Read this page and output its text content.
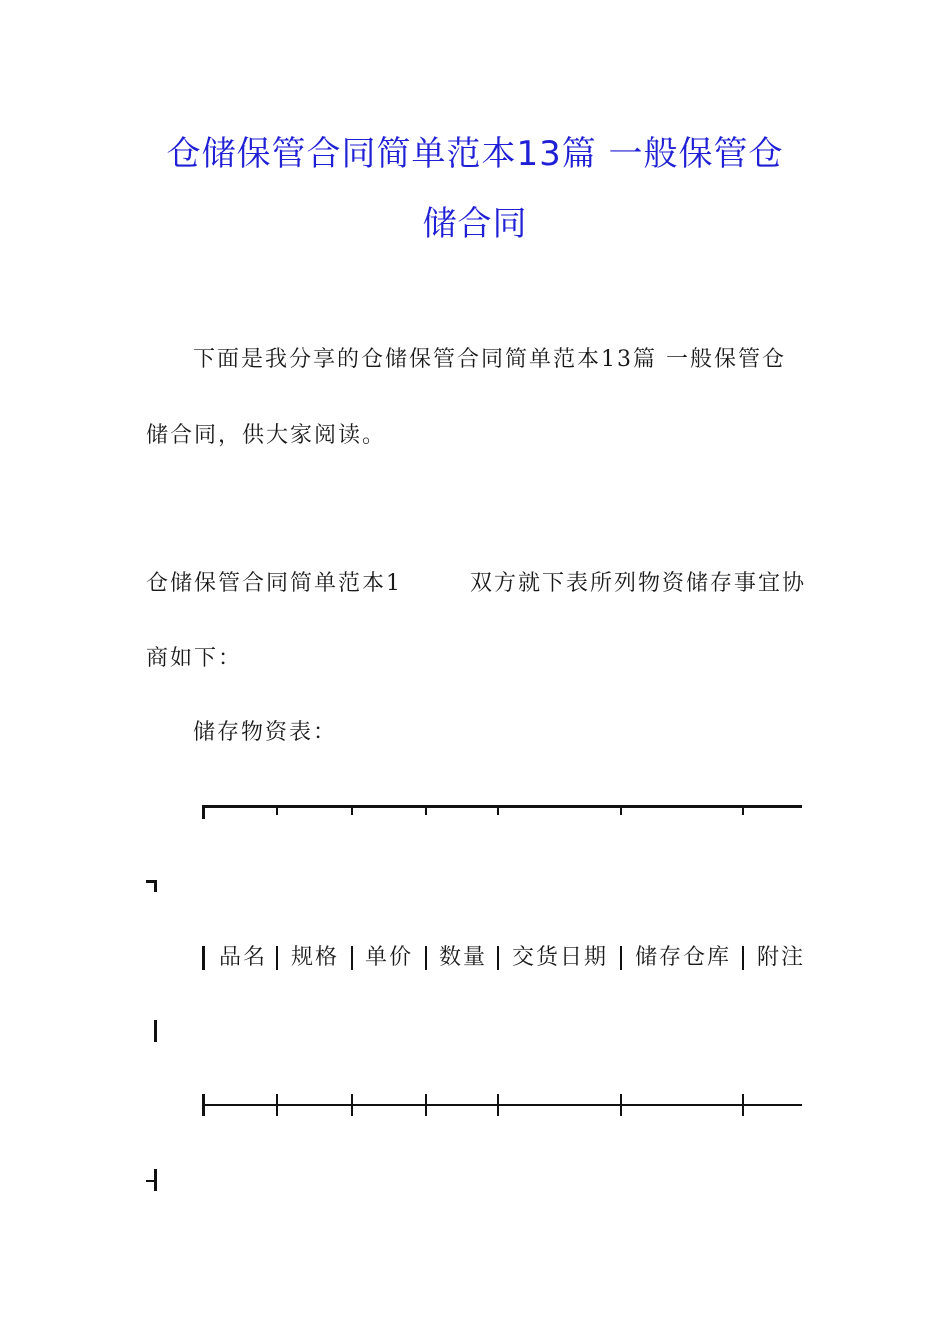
仓储保管合同简单范本13篇 一般保管仓
储合同
下面是我分享的仓储保管合同简单范本13篇 一般保管仓
储合同，供大家阅读。
仓储保管合同简单范本1	双方就下表所列物资储存事宜协
商如下：
储存物资表：
品名 规格 单价 数量 交货日期 储存仓库 附注
